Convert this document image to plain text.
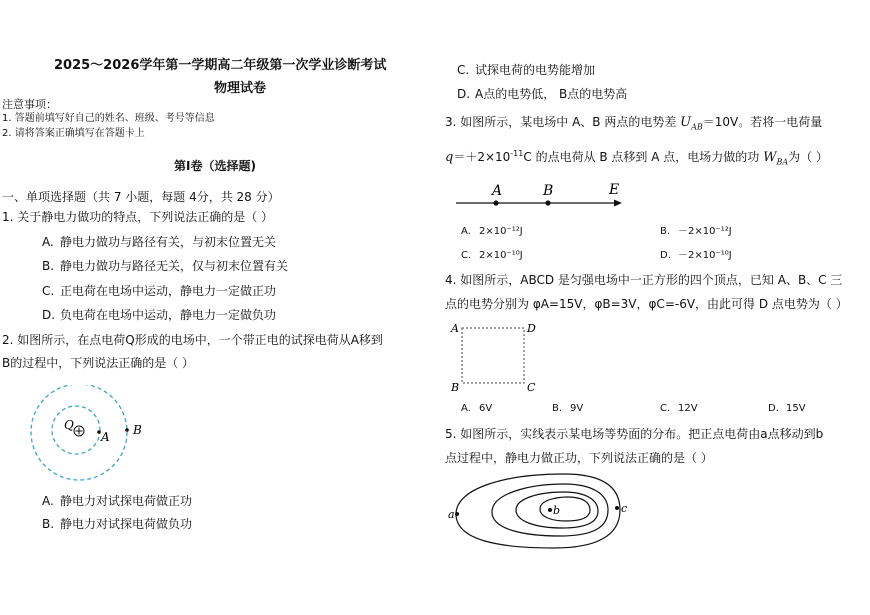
2025～2026学年第一学期高二年级第一次学业诊断考试
物理试卷
注意事项：
1. 答题前填写好自己的姓名、班级、考号等信息
2. 请将答案正确填写在答题卡上
第Ⅰ卷（选择题)
一、单项选择题（共 7 小题，每题 4分，共 28 分）
1. 关于静电力做功的特点，下列说法正确的是（ ）
A. 静电力做功与路径有关，与初末位置无关
B. 静电力做功与路径无关，仅与初末位置有关
C. 正电荷在电场中运动，静电力一定做正功
D. 负电荷在电场中运动，静电力一定做负功
2. 如图所示，在点电荷Q形成的电场中，一个带正电的试探电荷从A移到
B的过程中，下列说法正确的是（ ）
Q
A B
A. 静电力对试探电荷做正功
B. 静电力对试探电荷做负功
C. 试探电荷的电势能增加
D. A点的电势低， B点的电势高
3. 如图所示，某电场中 A、B 两点的电势差 $U_{AB}=10V$。若将一电荷量
$q=+2\times 10^{-11}C$ 的点电荷从 B 点移到 A 点，电场力做的功 $W_{BA}$为（ ）
A	B	E
A. 2×10⁻¹²J	B. －2×10⁻¹²J
C. 2×10⁻¹⁰J	D. －2×10⁻¹⁰J
4. 如图所示，ABCD 是匀强电场中一正方形的四个顶点，已知 A、B、C 三
点的电势分别为 φA=15V，φB=3V，φC=-6V，由此可得 D 点电势为（ ）
A	D
B	C
A. 6V	B. 9V	C. 12V	D. 15V
5. 如图所示，实线表示某电场等势面的分布。把正点电荷由a点移动到b
点过程中，静电力做正功，下列说法正确的是（ ）
a	b	c
